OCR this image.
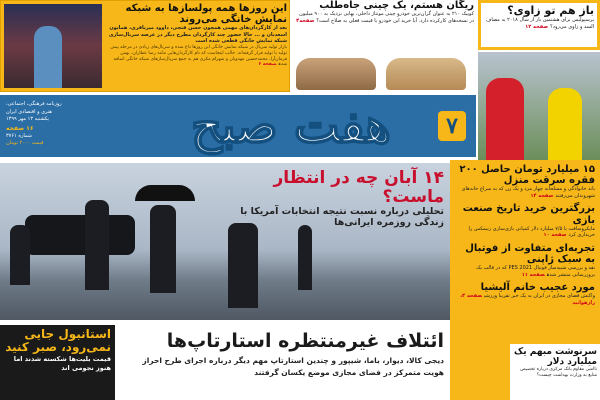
این روزها همه پولسازها به شبکه نمایش خانگی می‌روند
بعد از کارگردان‌های مهمی همچون حسن فتحی، داوود میرباقری، همایون اسعدیان و ... حالا حضور چند کارگردان مطرح دیگر در عرصه سریال‌سازی شبکه نمایش خانگی قطعی شده است
بازار تولید سریال در شبکه نمایش خانگی این روزها داغ شده و سریال‌های زیادی در مرحله پیش تولید یا تولید قرار گرفته‌اند. جالب اینجاست که نام کارگردان‌هایی مانند رضا عطاران، بهمن فرمان‌آرا، محمدحسین مهدویان و شهرام مکری هم به جمع سریال‌سازهای شبکه خانگی اضافه شدهصفحه ۶
ریگان هستم، یک چینی جاه‌طلب
کوییک ۲۱۰ به عنوان گران‌ترین خودرو چینی مونتاژ داخلی، بهایی نزدیک به ۹۰۰ میلیون در نسخه‌های کارکرده دارد. آیا خرید این خودرو با قیمت فعلی به صلاح است؟صفحه۴
باز هم تو زاوی؟
پرسپولیس برای هشتمین بار از سال ۲۰۱۸ به مصاف السد و زاوی می‌رود؟صفحه ۱۲
روزنامه فرهنگی، اجتماعی،
هنری و اقتصادی ایران
یکشنبه ۱۳ مهر ۱۳۹۹
۱۶ صفحه
شماره ۳۷۶۱
قیمت ۲۰۰۰ تومان	هفت صبح	۷
۱۴ آبان چه در انتظار ماست؟
تحلیلی درباره نسبت نتیجه انتخابات آمریکا با زندگی روزمره ایرانی‌ها
۱۵ میلیارد تومان حاصل ۲۰۰ فقره سرقت منزل
باند خانوادگی و مسلحانه چهار مرد و یک زن که به سراغ خانه‌های شهروندان می‌رفتندصفحه ۱۴
بزرگترین خرید تاریخ صنعت بازی
مایکروسافت با ۷/۵ میلیارد دلار کمپانی بازی‌سازی زنیمکس را خریداری کردصفحه ۱۰
تجربه‌ای متفاوت از فوتبال به سبک ژاپنی
نقد و بررسی شبیه‌ساز فوتبال PES 2021 که در قالب یک بروزرسانی منتشر شدهصفحه ۱۱
مورد عجیب خانم آلیشیا
واکنش فضای مجازی در ایران به یک خبر تقریبا ورزشیصفحه ۴، رازهوانید
سرنوشت مبهم یک میلیارد دلار
ناامنی مقاوم بانک مرکزی درباره تخصیص منابع به وزارت بهداشت چیست؟
استانبول جایی نمی‌رود، صبر کنید
قیمت بلیت‌ها شکسته شدند اما هنوز نجومی اند
ائتلاف غیرمنتظره استارتاپ‌ها
دیجی کالا، دیوار، باما، شیپور و چندین استارتاپ مهم دیگر درباره اجرای طرح احراز هویت متمرکز در فضای مجازی موضع یکسان گرفتند
